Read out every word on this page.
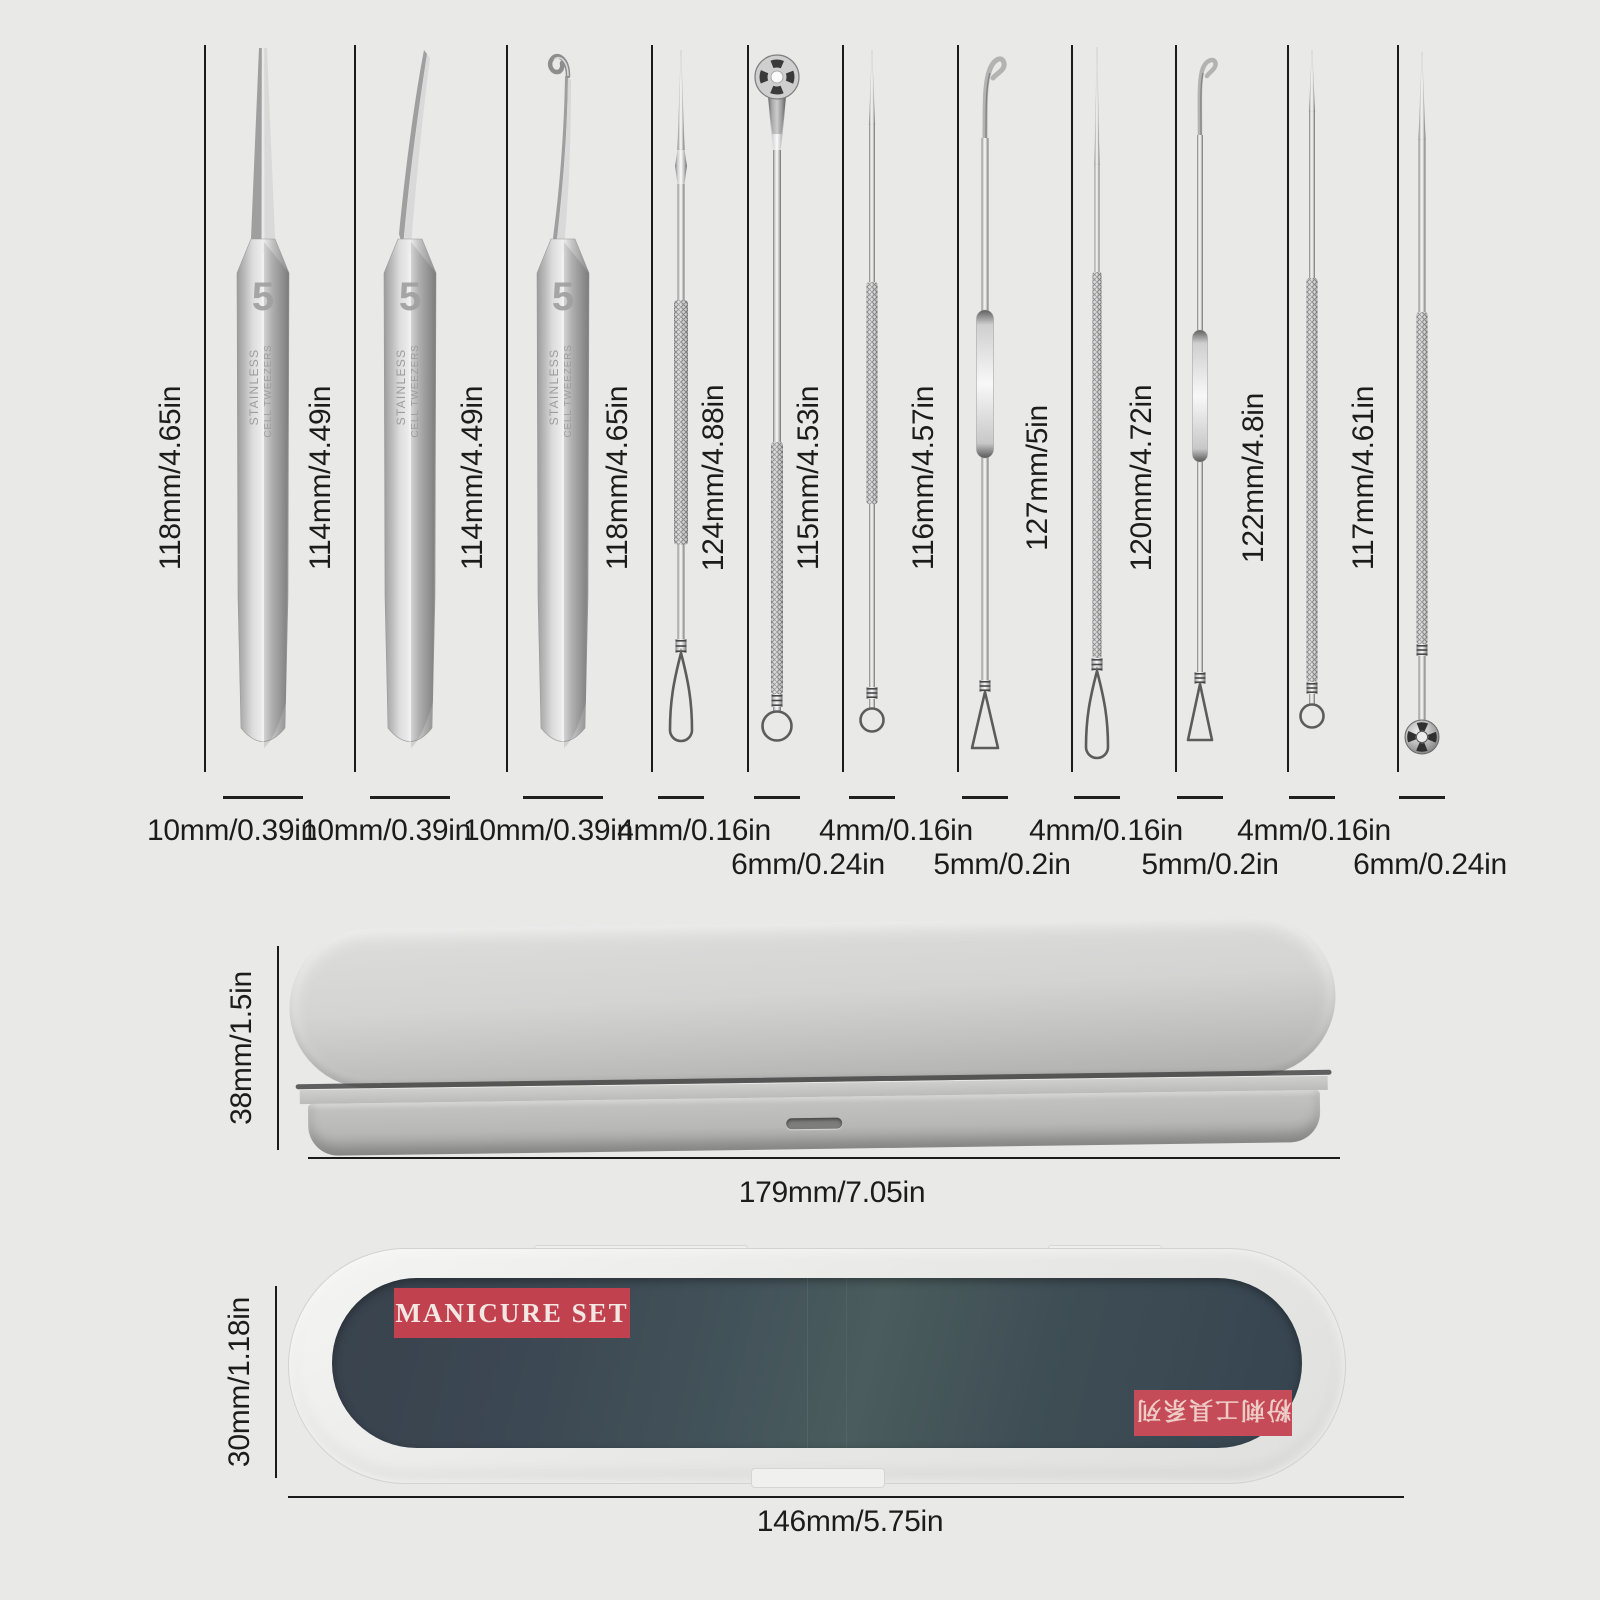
38mm/1.5in
179mm/7.05in
MANICURE SET
粉刺工具系列
30mm/1.18in
146mm/5.75in
118mm/4.65in
10mm/0.39in
5
STAINLESS CELL TWEEZERS 114mm/4.49in
10mm/0.39in
5
STAINLESS CELL TWEEZERS 114mm/4.49in
10mm/0.39in
5
STAINLESS CELL TWEEZERS 118mm/4.65in
4mm/0.16in
124mm/4.88in
6mm/0.24in
115mm/4.53in
4mm/0.16in
116mm/4.57in
5mm/0.2in
127mm/5in
4mm/0.16in
120mm/4.72in
5mm/0.2in
122mm/4.8in
4mm/0.16in
117mm/4.61in
6mm/0.24in
